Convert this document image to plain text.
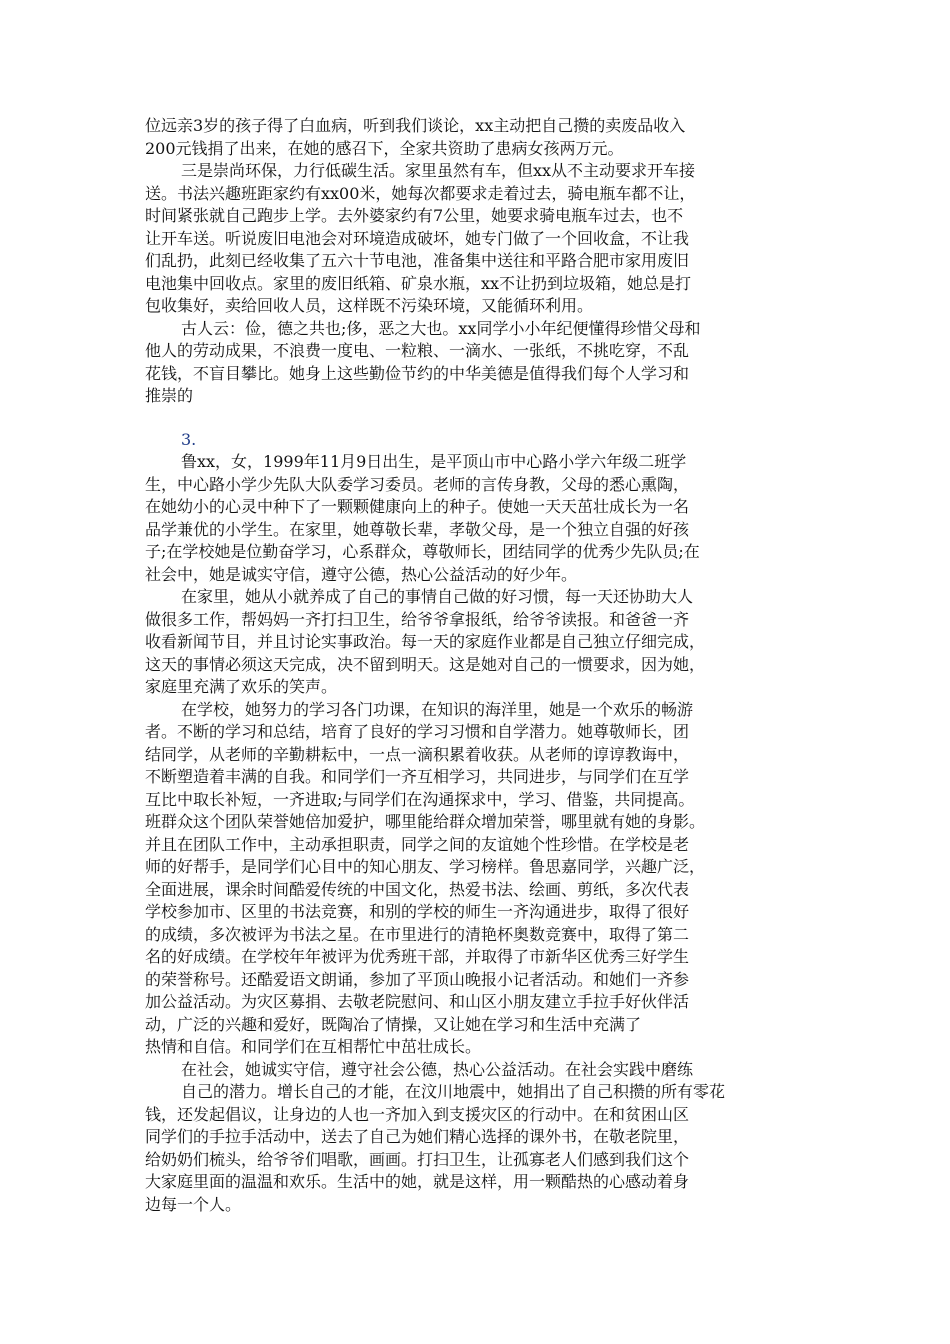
位远亲3岁的孩子得了白血病，听到我们谈论，xx主动把自己攒的卖废品收入
200元钱捐了出来，在她的感召下，全家共资助了患病女孩两万元。
三是崇尚环保，力行低碳生活。家里虽然有车，但xx从不主动要求开车接
送。书法兴趣班距家约有xx00米，她每次都要求走着过去，骑电瓶车都不让，
时间紧张就自己跑步上学。去外婆家约有7公里，她要求骑电瓶车过去，也不
让开车送。听说废旧电池会对环境造成破坏，她专门做了一个回收盒，不让我
们乱扔，此刻已经收集了五六十节电池，准备集中送往和平路合肥市家用废旧
电池集中回收点。家里的废旧纸箱、矿泉水瓶，xx不让扔到垃圾箱，她总是打
包收集好，卖给回收人员，这样既不污染环境，又能循环利用。
古人云：俭，德之共也;侈，恶之大也。xx同学小小年纪便懂得珍惜父母和
他人的劳动成果，不浪费一度电、一粒粮、一滴水、一张纸，不挑吃穿，不乱
花钱，不盲目攀比。她身上这些勤俭节约的中华美德是值得我们每个人学习和
推崇的
3.
鲁xx，女，1999年11月9日出生，是平顶山市中心路小学六年级二班学
生，中心路小学少先队大队委学习委员。老师的言传身教，父母的悉心熏陶，
在她幼小的心灵中种下了一颗颗健康向上的种子。使她一天天茁壮成长为一名
品学兼优的小学生。在家里，她尊敬长辈，孝敬父母，是一个独立自强的好孩
子;在学校她是位勤奋学习，心系群众，尊敬师长，团结同学的优秀少先队员;在
社会中，她是诚实守信，遵守公德，热心公益活动的好少年。
在家里，她从小就养成了自己的事情自己做的好习惯，每一天还协助大人
做很多工作，帮妈妈一齐打扫卫生，给爷爷拿报纸，给爷爷读报。和爸爸一齐
收看新闻节目，并且讨论实事政治。每一天的家庭作业都是自己独立仔细完成，
这天的事情必须这天完成，决不留到明天。这是她对自己的一惯要求，因为她，
家庭里充满了欢乐的笑声。
在学校，她努力的学习各门功课，在知识的海洋里，她是一个欢乐的畅游
者。不断的学习和总结，培育了良好的学习习惯和自学潜力。她尊敬师长，团
结同学，从老师的辛勤耕耘中，一点一滴积累着收获。从老师的谆谆教诲中，
不断塑造着丰满的自我。和同学们一齐互相学习，共同进步，与同学们在互学
互比中取长补短，一齐进取;与同学们在沟通探求中，学习、借鉴，共同提高。
班群众这个团队荣誉她倍加爱护，哪里能给群众增加荣誉，哪里就有她的身影。
并且在团队工作中，主动承担职责，同学之间的友谊她个性珍惜。在学校是老
师的好帮手，是同学们心目中的知心朋友、学习榜样。鲁思嘉同学，兴趣广泛，
全面进展，课余时间酷爱传统的中国文化，热爱书法、绘画、剪纸，多次代表
学校参加市、区里的书法竞赛，和别的学校的师生一齐沟通进步，取得了很好
的成绩，多次被评为书法之星。在市里进行的清艳杯奥数竞赛中，取得了第二
名的好成绩。在学校年年被评为优秀班干部，并取得了市新华区优秀三好学生
的荣誉称号。还酷爱语文朗诵，参加了平顶山晚报小记者活动。和她们一齐参
加公益活动。为灾区募捐、去敬老院慰问、和山区小朋友建立手拉手好伙伴活
动，广泛的兴趣和爱好，既陶冶了情操，又让她在学习和生活中充满了
热情和自信。和同学们在互相帮忙中茁壮成长。
在社会，她诚实守信，遵守社会公德，热心公益活动。在社会实践中磨练
自己的潜力。增长自己的才能，在汶川地震中，她捐出了自己积攒的所有零花
钱，还发起倡议，让身边的人也一齐加入到支援灾区的行动中。在和贫困山区
同学们的手拉手活动中，送去了自己为她们精心选择的课外书，在敬老院里，
给奶奶们梳头，给爷爷们唱歌，画画。打扫卫生，让孤寡老人们感到我们这个
大家庭里面的温温和欢乐。生活中的她，就是这样，用一颗酷热的心感动着身
边每一个人。
